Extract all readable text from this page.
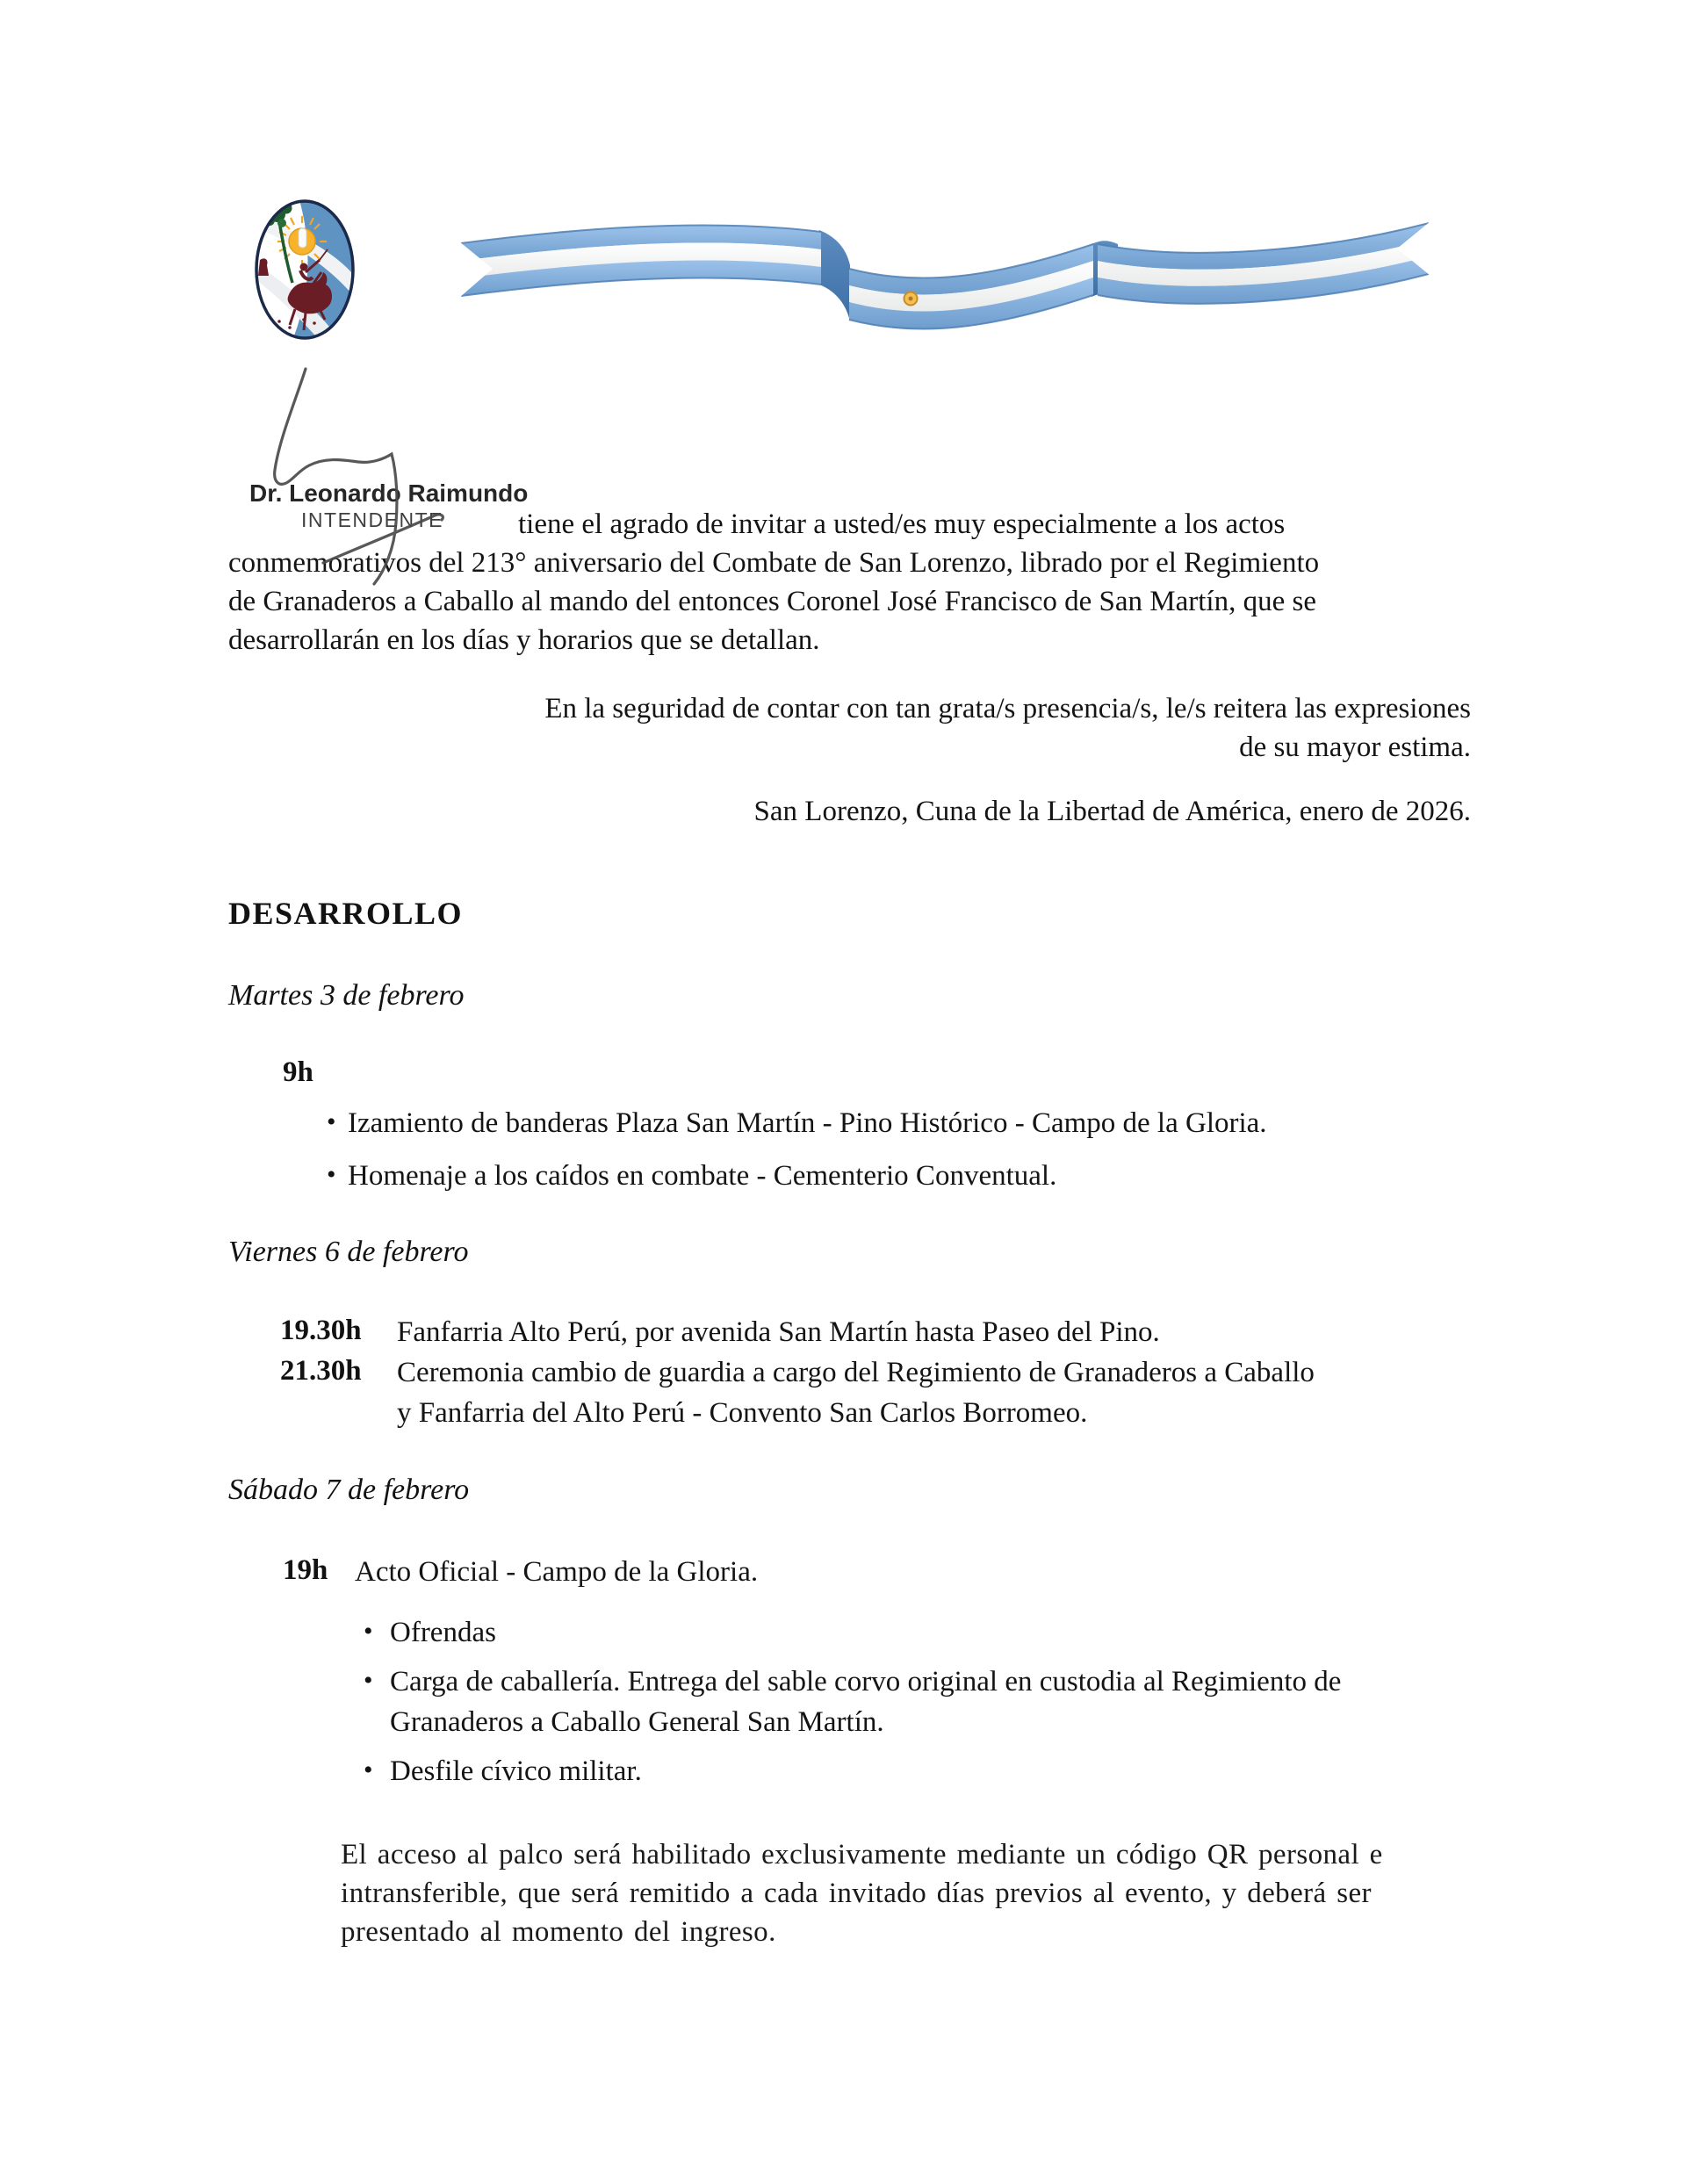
Dr. Leonardo Raimundo
INTENDENTE	tiene el agrado de invitar a usted/es muy especialmente a los actos
conmemorativos del 213° aniversario del Combate de San Lorenzo, librado por el Regimiento
de Granaderos a Caballo al mando del entonces Coronel José Francisco de San Martín, que se
desarrollarán en los días y horarios que se detallan.
En la seguridad de contar con tan grata/s presencia/s, le/s reitera las expresiones
de su mayor estima.
San Lorenzo, Cuna de la Libertad de América, enero de 2026.
DESARROLLO
Martes 3 de febrero
9h
• Izamiento de banderas Plaza San Martín - Pino Histórico - Campo de la Gloria.
• Homenaje a los caídos en combate - Cementerio Conventual.
Viernes 6 de febrero
19.30h Fanfarria Alto Perú, por avenida San Martín hasta Paseo del Pino.
21.30h Ceremonia cambio de guardia a cargo del Regimiento de Granaderos a Caballo
y Fanfarria del Alto Perú - Convento San Carlos Borromeo.
Sábado 7 de febrero
19h Acto Oficial - Campo de la Gloria.
• Ofrendas
• Carga de caballería. Entrega del sable corvo original en custodia al Regimiento de
Granaderos a Caballo General San Martín.
• Desfile cívico militar.
El acceso al palco será habilitado exclusivamente mediante un código QR personal e
intransferible, que será remitido a cada invitado días previos al evento, y deberá ser
presentado al momento del ingreso.
